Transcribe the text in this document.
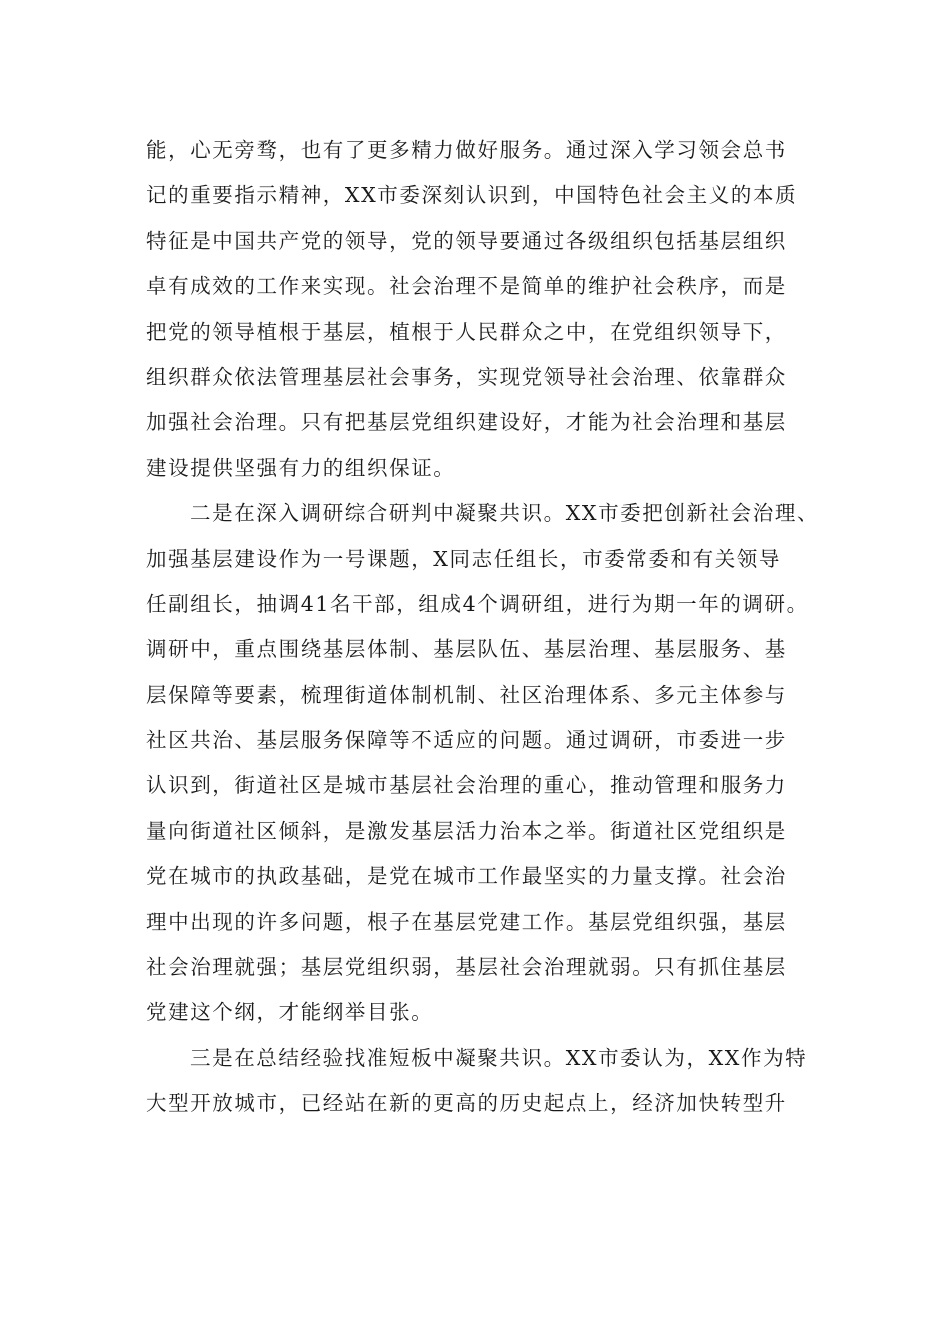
能，心无旁骛，也有了更多精力做好服务。通过深入学习领会总书
记的重要指示精神，XX市委深刻认识到，中国特色社会主义的本质
特征是中国共产党的领导，党的领导要通过各级组织包括基层组织
卓有成效的工作来实现。社会治理不是简单的维护社会秩序，而是
把党的领导植根于基层，植根于人民群众之中，在党组织领导下，
组织群众依法管理基层社会事务，实现党领导社会治理、依靠群众
加强社会治理。只有把基层党组织建设好，才能为社会治理和基层
建设提供坚强有力的组织保证。
二是在深入调研综合研判中凝聚共识。XX市委把创新社会治理、
加强基层建设作为一号课题，X同志任组长，市委常委和有关领导
任副组长，抽调41名干部，组成4个调研组，进行为期一年的调研。
调研中，重点围绕基层体制、基层队伍、基层治理、基层服务、基
层保障等要素，梳理街道体制机制、社区治理体系、多元主体参与
社区共治、基层服务保障等不适应的问题。通过调研，市委进一步
认识到，街道社区是城市基层社会治理的重心，推动管理和服务力
量向街道社区倾斜，是激发基层活力治本之举。街道社区党组织是
党在城市的执政基础，是党在城市工作最坚实的力量支撑。社会治
理中出现的许多问题，根子在基层党建工作。基层党组织强，基层
社会治理就强；基层党组织弱，基层社会治理就弱。只有抓住基层
党建这个纲，才能纲举目张。
三是在总结经验找准短板中凝聚共识。XX市委认为，XX作为特
大型开放城市，已经站在新的更高的历史起点上，经济加快转型升
